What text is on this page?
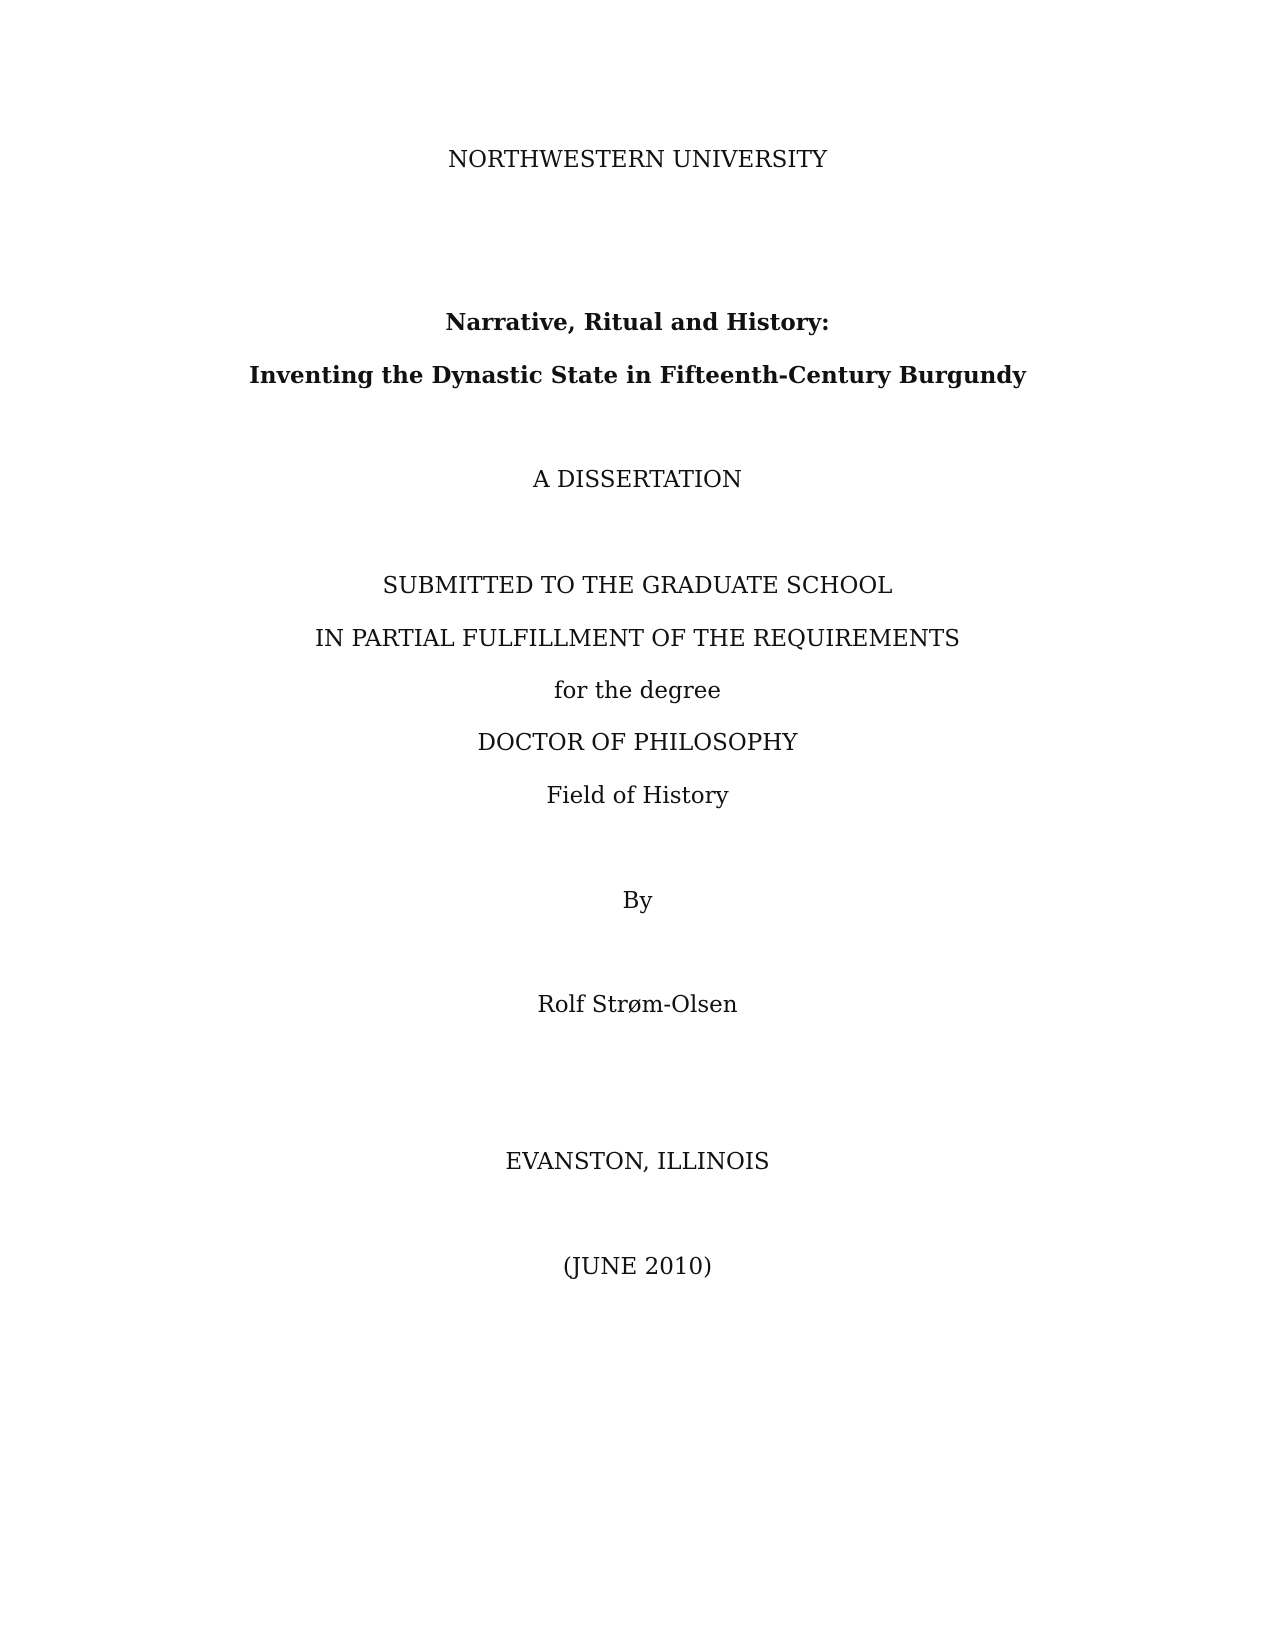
NORTHWESTERN UNIVERSITY
Narrative, Ritual and History:
Inventing the Dynastic State in Fifteenth-Century Burgundy
A DISSERTATION
SUBMITTED TO THE GRADUATE SCHOOL
IN PARTIAL FULFILLMENT OF THE REQUIREMENTS
for the degree
DOCTOR OF PHILOSOPHY
Field of History
By
Rolf Strøm-Olsen
EVANSTON, ILLINOIS
(JUNE 2010)
